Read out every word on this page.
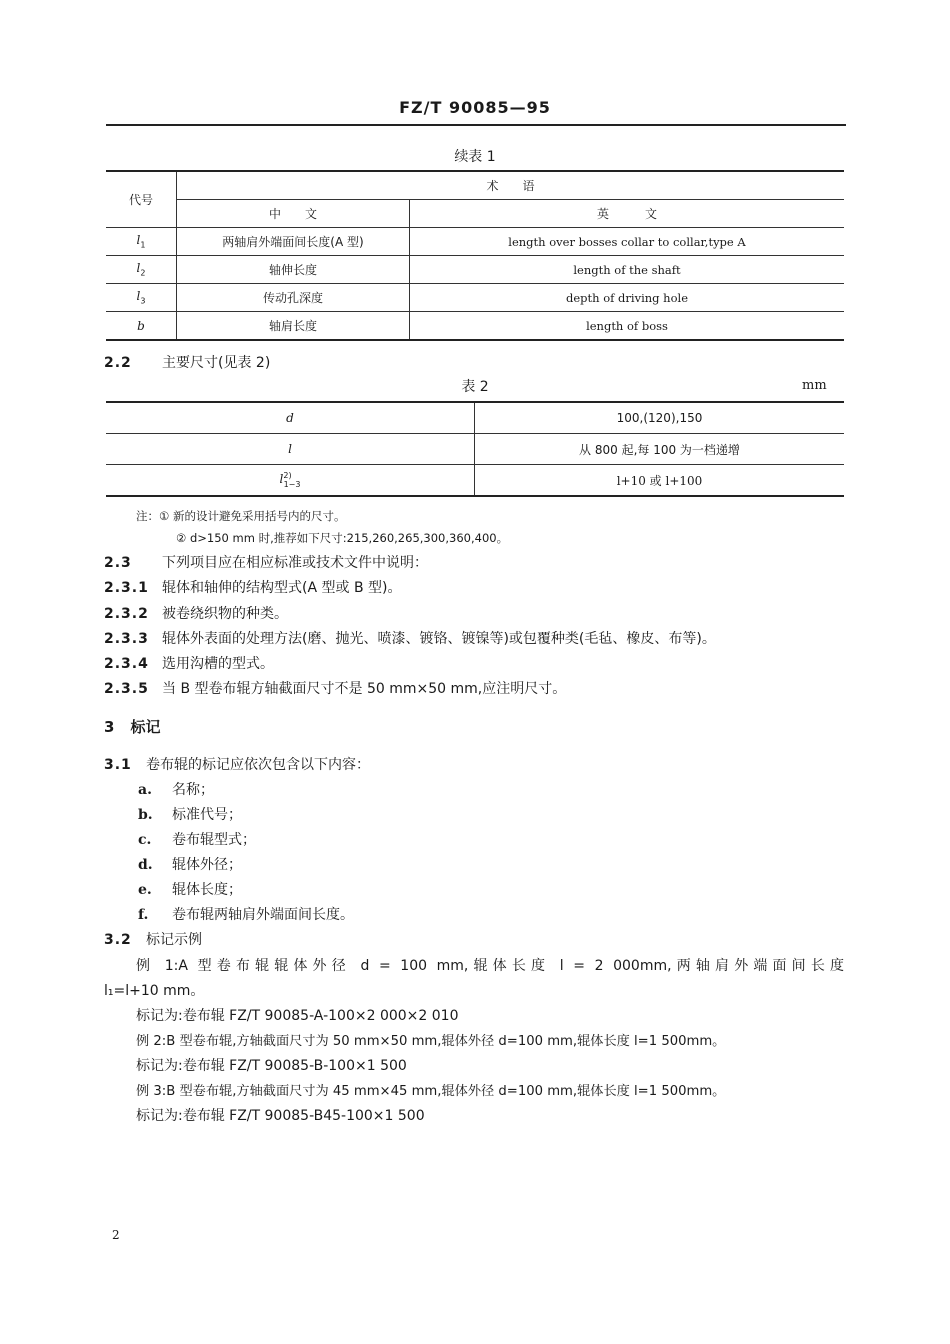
FZ/T 90085—95
续表 1
代号	术　　语	
	中　　文	英　　　文
$l_1$	两轴肩外端面间长度(A 型)	length over bosses collar to collar,type A
$l_2$	轴伸长度	length of the shaft
$l_3$	传动孔深度	depth of driving hole
b	轴肩长度	length of boss
2.2 主要尺寸(见表 2)
表 2	mm
d	100,(120),150
l	从 800 起,每 100 为一档递增
$l^{2)}_{1-3}$	l+10 或 l+100
注：① 新的设计避免采用括号内的尺寸。
② d>150 mm 时,推荐如下尺寸:215,260,265,300,360,400。
2.3 下列项目应在相应标准或技术文件中说明：
2.3.1 辊体和轴伸的结构型式(A 型或 B 型)。
2.3.2 被卷绕织物的种类。
2.3.3 辊体外表面的处理方法(磨、抛光、喷漆、镀铬、镀镍等)或包覆种类(毛毡、橡皮、布等)。
2.3.4 选用沟槽的型式。
2.3.5 当 B 型卷布辊方轴截面尺寸不是 50 mm×50 mm,应注明尺寸。
3 标记
3.1 卷布辊的标记应依次包含以下内容：
a. 名称；
b. 标准代号；
c. 卷布辊型式；
d. 辊体外径；
e. 辊体长度；
f. 卷布辊两轴肩外端面间长度。
3.2 标记示例
例 1:A 型卷布辊辊体外径 d = 100 mm,辊体长度 l = 2 000mm,两轴肩外端面间长度
l₁=l+10 mm。
标记为:卷布辊 FZ/T 90085-A-100×2 000×2 010
例 2:B 型卷布辊,方轴截面尺寸为 50 mm×50 mm,辊体外径 d=100 mm,辊体长度 l=1 500mm。
标记为:卷布辊 FZ/T 90085-B-100×1 500
例 3:B 型卷布辊,方轴截面尺寸为 45 mm×45 mm,辊体外径 d=100 mm,辊体长度 l=1 500mm。
标记为:卷布辊 FZ/T 90085-B45-100×1 500
2
